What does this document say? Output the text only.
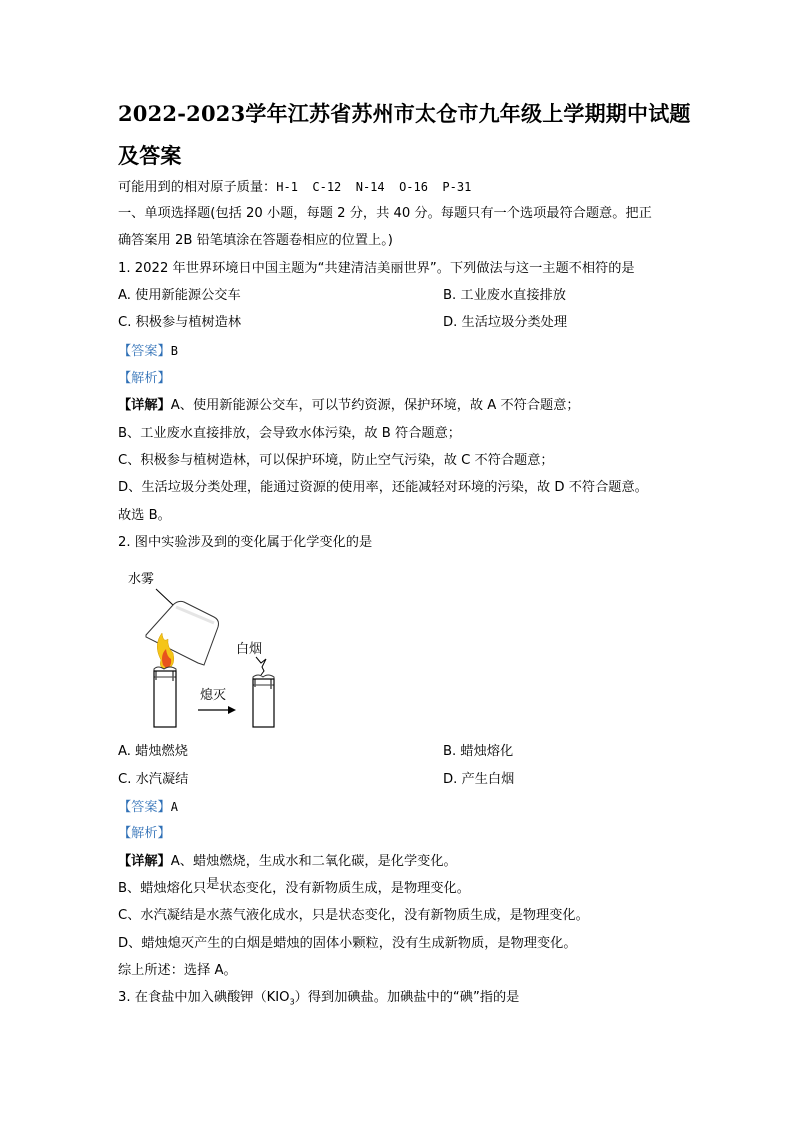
2022-2023学年江苏省苏州市太仓市九年级上学期期中试题
及答案
可能用到的相对原子质量：H-1  C-12  N-14  O-16  P-31
一、单项选择题(包括 20 小题，每题 2 分，共 40 分。每题只有一个选项最符合题意。把正
确答案用 2B 铅笔填涂在答题卷相应的位置上。)
1. 2022 年世界环境日中国主题为“共建清洁美丽世界”。下列做法与这一主题不相符的是
A. 使用新能源公交车	B. 工业废水直接排放
C. 积极参与植树造林	D. 生活垃圾分类处理
【答案】B
【解析】
【详解】A、使用新能源公交车，可以节约资源，保护环境，故 A 不符合题意；
B、工业废水直接排放，会导致水体污染，故 B 符合题意；
C、积极参与植树造林，可以保护环境，防止空气污染，故 C 不符合题意；
D、生活垃圾分类处理，能通过资源的使用率，还能减轻对环境的污染，故 D 不符合题意。
故选 B。
2. 图中实验涉及到的变化属于化学变化的是
水雾
熄灭
白烟
A. 蜡烛燃烧	B. 蜡烛熔化
C. 水汽凝结	D. 产生白烟
【答案】A
【解析】
【详解】A、蜡烛燃烧，生成水和二氧化碳，是化学变化。
B、蜡烛熔化只是状态变化，没有新物质生成，是物理变化。
C、水汽凝结是水蒸气液化成水，只是状态变化，没有新物质生成，是物理变化。
D、蜡烛熄灭产生的白烟是蜡烛的固体小颗粒，没有生成新物质，是物理变化。
综上所述：选择 A。
3. 在食盐中加入碘酸钾$(KIO_3)$得到加碘盐。加碘盐中的“碘”指的是
